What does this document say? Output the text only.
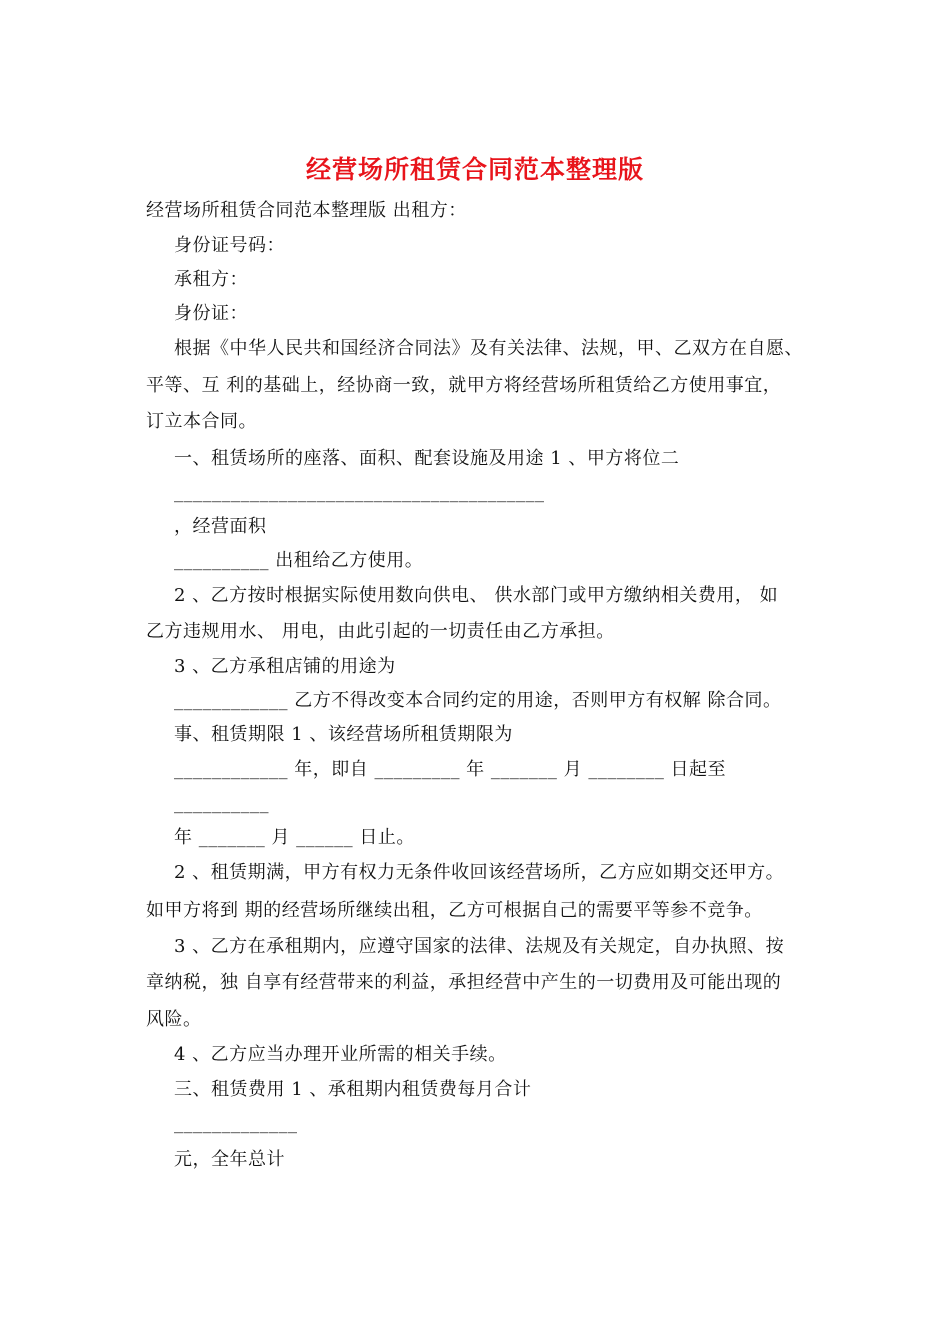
经营场所租赁合同范本整理版
经营场所租赁合同范本整理版 出租方：
身份证号码：
承租方：
身份证：
根据《中华人民共和国经济合同法》及有关法律、法规，甲、乙双方在自愿、
平等、互 利的基础上，经协商一致，就甲方将经营场所租赁给乙方使用事宜，
订立本合同。
一、租赁场所的座落、面积、配套设施及用途 1 、甲方将位二
_______________________________________
，经营面积
__________ 出租给乙方使用。
2 、乙方按时根据实际使用数向供电、 供水部门或甲方缴纳相关费用， 如
乙方违规用水、 用电，由此引起的一切责任由乙方承担。
3 、乙方承租店铺的用途为
____________ 乙方不得改变本合同约定的用途，否则甲方有权解 除合同。
事、租赁期限 1 、该经营场所租赁期限为
____________ 年，即自 _________ 年 _______ 月 ________ 日起至
__________
年 _______ 月 ______ 日止。
2 、租赁期满，甲方有权力无条件收回该经营场所，乙方应如期交还甲方。
如甲方将到 期的经营场所继续出租，乙方可根据自己的需要平等参不竞争。
3 、乙方在承租期内，应遵守国家的法律、法规及有关规定，自办执照、按
章纳税，独 自享有经营带来的利益，承担经营中产生的一切费用及可能出现的
风险。
4 、乙方应当办理开业所需的相关手续。
三、租赁费用 1 、承租期内租赁费每月合计
_____________
元，全年总计
